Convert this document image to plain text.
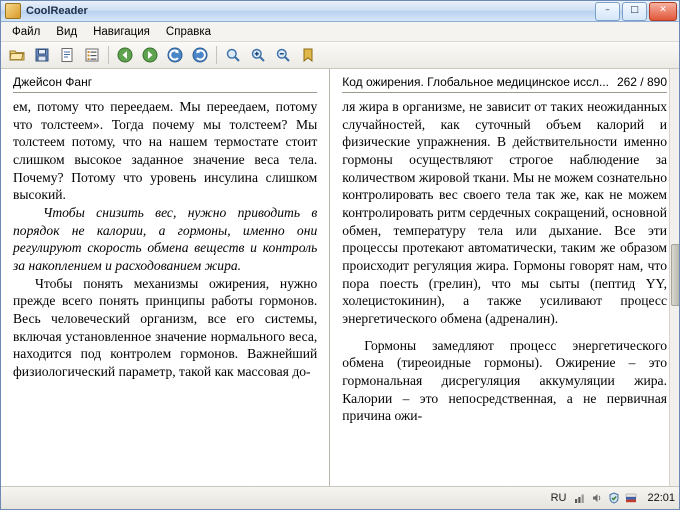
CoolReader	–	□	✕
Файл	Вид	Навигация	Справка
Джейсон Фанг

ем, потому что переедаем. Мы переедаем, потому что толстеем». Тогда почему мы толстеем? Мы толстеем потому, что на нашем термостате стоит слишком высокое заданное значение веса тела. Почему? Потому что уровень инсулина слишком высокий.

Чтобы снизить вес, нужно приводить в порядок не калории, а гормоны, именно они регулируют скорость обмена веществ и контроль за накоплением и расходованием жира.

Чтобы понять механизмы ожирения, нужно прежде всего понять принципы работы гормонов. Весь человеческий организм, все его системы, включая установленное значение нормального веса, находится под контролем гормонов. Важнейший физиологический параметр, такой как массовая до-

Код ожирения. Глобальное медицинское иссл... 262 / 890

ля жира в организме, не зависит от таких неожиданных случайностей, как суточный объем калорий и физические упражнения. В действительности именно гормоны осуществляют строгое наблюдение за количеством жировой ткани. Мы не можем сознательно контролировать вес своего тела так же, как не можем контролировать ритм сердечных сокращений, основной обмен, температуру тела или дыхание. Все эти процессы протекают автоматически, таким же образом происходит регуляция жира. Гормоны говорят нам, что пора поесть (грелин), что мы сыты (пептид YY, холецистокинин), а также усиливают процесс энергетического обмена (адреналин).

Гормоны замедляют процесс энергетического обмена (тиреоидные гормоны). Ожирение – это гормональная дисрегуляция аккумуляции жира. Калории – это непосредственная, а не первичная причина ожи-

RU	22:01
